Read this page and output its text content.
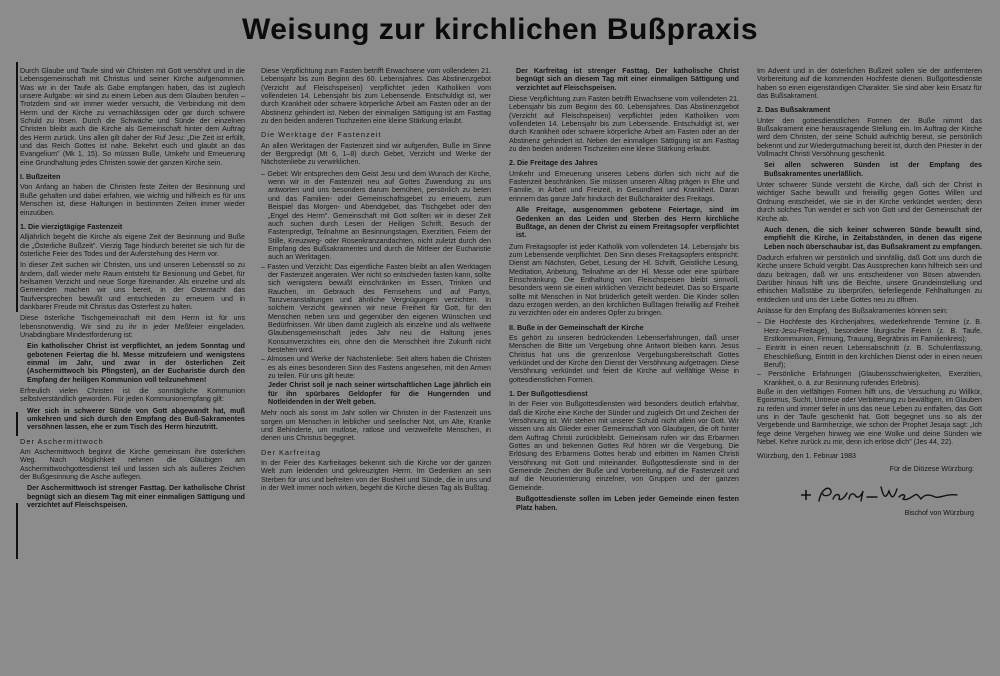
Weisung zur kirchlichen Bußpraxis

Durch Glaube und Taufe sind wir Christen mit Gott versöhnt und in die Lebensgemeinschaft mit Christus und seiner Kirche aufgenommen. Was wir in der Taufe als Gabe empfangen haben, das ist zugleich unsere Aufgabe: wir sind zu einem Leben aus dem Glauben berufen – Trotzdem sind wir immer wieder versucht, die Verbindung mit dem Herrn und der Kirche zu vernachlässigen oder gar durch schwere Schuld zu lösen. Durch die Schwäche und Sünde der einzelnen Christen bleibt auch die Kirche als Gemeinschaft hinter dem Auftrag des Herrn zurück. Uns allen gilt daher der Ruf Jesu: „Die Zeit ist erfüllt, und das Reich Gottes ist nahe. Bekehrt euch und glaubt an das Evangelium" (Mk 1, 15). So müssen Buße, Umkehr und Erneuerung eine Grundhaltung jedes Christen sowie der ganzen Kirche sein.

I. Bußzeiten

Von Anfang an haben die Christen feste Zeiten der Besinnung und Buße gehalten und dabei erfahren, wie wichtig und hilfreich es für uns Menschen ist, diese Haltungen in bestimmten Zeiten immer wieder einzuüben.

1. Die vierzigtägige Fastenzeit

Alljährlich begeht die Kirche als eigene Zeit der Besinnung und Buße die „Österliche Bußzeit". Vierzig Tage hindurch bereitet sie sich für die österliche Feier des Todes und der Auferstehung des Herrn vor.

In dieser Zeit suchen wir Christen, uns und unseren Lebensstil so zu ändern, daß wieder mehr Raum entsteht für Besinnung und Gebet, für heilsamen Verzicht und neue Sorge füreinander. Als einzelne und als Gemeinden machen wir uns bereit, in der Osternacht das Taufversprechen bewußt und entschieden zu erneuern und in dankbarer Freude mit Christus das Osterfest zu halten.

Diese österliche Tischgemeinschaft mit dem Herrn ist für uns lebensnotwendig. Wir sind zu ihr in jeder Meßfeier eingeladen. Unabdingbare Mindestforderung ist:

Ein katholischer Christ ist verpflichtet, an jedem Sonntag und gebotenen Feiertag die hl. Messe mitzufeiern und wenigstens einmal im Jahr, und zwar in der österlichen Zeit (Aschermittwoch bis Pfingsten), an der Eucharistie durch den Empfang der heiligen Kommunion voll teilzunehmen!

Erfreulich vielen Christen ist die sonntägliche Kommunion selbstverständlich geworden. Für jeden Kommunionempfang gilt:

Wer sich in schwerer Sünde von Gott abgewandt hat, muß umkehren und sich durch den Empfang des Buß-Sakramentes versöhnen lassen, ehe er zum Tisch des Herrn hinzutritt.

Der Aschermittwoch

Am Aschermittwoch beginnt die Kirche gemeinsam ihre österlichen Weg. Nach Möglichkeit nehmen die Gläubigen am Aschermittwochgottesdienst teil und lassen sich als äußeres Zeichen der Bußgesinnung die Asche auflegen.

Der Aschermittwoch ist strenger Fasttag. Der katholische Christ begnügt sich an diesem Tag mit einer einmaligen Sättigung und verzichtet auf Fleischspeisen.

Diese Verpflichtung zum Fasten betrifft Erwachsene vom vollendeten 21. Lebensjahr bis zum Beginn des 60. Lebensjahres. Das Abstinenzgebot (Verzicht auf Fleischspeisen) verpflichtet jeden Katholiken vom vollendeten 14. Lebensjahr bis zum Lebensende. Entschuldigt ist, wer durch Krankheit oder schwere körperliche Arbeit am Fasten oder an der Abstinenz gehindert ist. Neben der einmaligen Sättigung ist am Fasttag zu den beiden anderen Tischzeiten eine kleine Stärkung erlaubt.

Die Werktage der Fastenzeit

An allen Werktagen der Fastenzeit sind wir aufgerufen, Buße im Sinne der Bergpredigt (Mt 6, 1–8) durch Gebet, Verzicht und Werke der Nächstenliebe zu verwirklichen.

– Gebet: Wir entsprechen dem Geist Jesu und dem Wunsch der Kirche, wenn wir in der Fastenzeit neu auf Gottes Zuwendung zu uns antworten und uns besonders darum bemühen, persönlich zu beten und das Familien- oder Gemeinschaftsgebet zu erneuern, zum Beispiel das Morgen- und Abendgebet, das Tischgebet oder den „Engel des Herrn". Gemeinschaft mit Gott sollten wir in dieser Zeit auch suchen durch Lesen der Heiligen Schrift, Besuch der Fastenpredigt, Teilnahme an Besinnungstagen, Exerzitien, Feiern der Stille, Kreuzweg- oder Rosenkranzandachten, nicht zuletzt durch den Empfang des Bußsakramentes und durch die Mitfeier der Eucharistie auch an Werktagen.
– Fasten und Verzicht: Das eigentliche Fasten bleibt an allen Werktagen der Fastenzeit angeraten. Wer nicht so entschieden fasten kann, sollte sich wenigstens bewußt einschränken im Essen, Trinken und Rauchen, im Gebrauch des Fernsehens und auf Partys, Tanzveranstaltungen und ähnliche Vergnügungen verzichten. In solchem Verzicht gewinnen wir neue Freiheit für Gott, für den Menschen neben uns und gegenüber den eigenen Wünschen und Bedürfnissen. Wir üben damit zugleich als einzelne und als weltweite Glaubensgemeinschaft jedes Jahr neu die Haltung jenes Konsumverzichtes ein, ohne den die Menschheit ihre Zukunft nicht bestehen wird.
– Almosen und Werke der Nächstenliebe: Seit alters haben die Christen es als eines besonderen Sinn des Fastens angesehen, mit den Armen zu teilen. Für uns gilt heute:

Jeder Christ soll je nach seiner wirtschaftlichen Lage jährlich ein für ihn spürbares Geldopfer für die Hungernden und Notleidenden in der Welt geben.

Mehr noch als sonst im Jahr sollen wir Christen in der Fastenzeit uns sorgen um Menschen in leiblicher und seelischer Not, um Alte, Kranke und Behinderte, um mutlose, ratlose und verzweifelte Menschen, in denen uns Christus begegnet.

Der Karfreitag

In der Feier des Karfreitages bekennt sich die Kirche vor der ganzen Welt zum leidenden und gekreuzigten Herrn. Im Gedenken an sein Sterben für uns und befreiten von der Bosheit und Sünde, die in uns und in der Welt immer noch wirken, begeht die Kirche diesen Tag als Bußtag.

Der Karfreitag ist strenger Fasttag. Der katholische Christ begnügt sich an diesem Tag mit einer einmaligen Sättigung und verzichtet auf Fleischspeisen.

Diese Verpflichtung zum Fasten betrifft Erwachsene vom vollendeten 21. Lebensjahr bis zum Beginn des 60. Lebensjahres. Das Abstinenzgebot (Verzicht auf Fleischspeisen) verpflichtet jeden Katholiken vom vollendeten 14. Lebensjahr bis zum Lebensende. Entschuldigt ist, wer durch Krankheit oder schwere körperliche Arbeit am Fasten oder an der Abstinenz gehindert ist. Neben der einmaligen Sättigung ist am Fasttag zu den beiden anderen Tischzeiten eine kleine Stärkung erlaubt.

2. Die Freitage des Jahres

Umkehr und Erneuerung unseres Lebens dürfen sich nicht auf die Fastenzeit beschränken. Sie müssen unseren Alltag prägen in Ehe und Familie, in Arbeit und Freizeit, in Gesundheit und Krankheit. Daran erinnern das ganze Jahr hindurch der Bußcharakter des Freitags.

Alle Freitage, ausgenommen gebotene Feiertage, sind im Gedenken an das Leiden und Sterben des Herrn kirchliche Bußtage, an denen der Christ zu einem Freitagsopfer verpflichtet ist.

Zum Freitagsopfer ist jeder Katholik vom vollendeten 14. Lebensjahr bis zum Lebensende verpflichtet. Den Sinn dieses Freitagsopfers entspricht: Dienst am Nächsten, Gebet, Lesung der Hl. Schrift, Geistliche Lesung, Meditation, Anbetung, Teilnahme an der Hl. Messe oder eine spürbare Einschränkung. Die Enthaltung von Fleischspeisen bleibt sinnvoll, besonders wenn sie einen wirklichen Verzicht bedeutet. Das so Ersparte sollte mit Menschen in Not brüderlich geteilt werden. Die Kinder sollen dazu erzogen werden, an den kirchlichen Bußtagen freiwillig auf Freiheit zu verzichten oder ein anderes Opfer zu bringen.

II. Buße in der Gemeinschaft der Kirche

Es gehört zu unseren bedrückenden Lebenserfahrungen, daß unser Menschen die Bitte um Vergebung ohne Antwort bleiben kann. Jesus Christus hat uns die grenzenlose Vergebungsbereitschaft Gottes verkündet und der Kirche den Dienst der Versöhnung aufgetragen. Diese Versöhnung verkündet und feiert die Kirche auf vielfältige Weise in gottesdienstlichen Formen.

1. Der Bußgottesdienst

In der Feier von Bußgottesdiensten wird besonders deutlich erfahrbar, daß die Kirche eine Kirche der Sünder und zugleich Ort und Zeichen der Versöhnung ist. Wir stehen mit unserer Schuld nicht allein vor Gott. Wir wissen uns als Glieder einer Gemeinschaft von Glaubigen, die oft hinter dem Auftrag Christi zurückbleibt. Gemeinsam rufen wir das Erbarmen Gottes an und bekennen Gottes Ruf hören wir die Vergebung. Die Erlösung des Erbarmens Gottes herab und erbitten im Namen Christi Versöhnung mit Gott und miteinander. Bußgottesdienste sind in der Gemeinde Zeichen der Buße und Vorbereitung, auf die Fastenzeit und auf die Neuorientierung einzelner, von Gruppen und der ganzen Gemeinde.

Bußgottesdienste sollen im Leben jeder Gemeinde einen festen Platz haben.

Im Advent und in der österlichen Bußzeit sollen sie der antfernteren Vorbereitung auf die kommenden Hochfeste dienen. Bußgottesdienste haben so einen eigenständigen Charakter. Sie sind aber kein Ersatz für das Bußsakrament.

2. Das Bußsakrament

Unter den gottesdienstlichen Formen der Buße nimmt das Bußsakrament eine herausragende Stellung ein. Im Auftrag der Kirche wird dem Christen, der seine Schuld aufrichtig bereut, sie persönlich bekennt und zur Wiedergutmachung bereit ist, durch den Priester in der Vollmacht Christi Versöhnung geschenkt.

Sei allen schweren Sünden ist der Empfang des Bußsakramentes unerläßlich.

Unter schwerer Sünde versteht die Kirche, daß sich der Christ in wichtiger Sache bewußt und freiwillig gegen Gottes Willen und Ordnung entscheidet, wie sie in der Kirche verkündet werden; denn durch solches Tun wendet er sich von Gott und der Gemeinschaft der Kirche ab.

Auch denen, die sich keiner schweren Sünde bewußt sind, empfiehlt die Kirche, in Zeitabständen, in denen das eigene Leben noch überschaubar ist, das Bußsakrament zu empfangen.

Dadurch erfahren wir persönlich und sinnfällig, daß Gott uns durch die Kirche unsere Schuld vergibt. Das Aussprechen kann hilfreich sein und dazu beitragen, daß wir uns entscheidener von Bösen abwenden. Darüber hinaus hilft uns die Beichte, unsere Grundeinstellung und ethischen Maßstäbe zu überprüfen, tieferliegende Fehlhaltungen zu entdecken und uns der Liebe Gottes neu zu öffnen.

Anlässe für den Empfang des Bußsakramentes können sein:

– Die Hochfeste des Kirchenjahres, wiederkehrende Termine (z. B. Herz-Jesu-Freitage), besondere liturgische Feiern (z. B. Taufe, Erstkommunion, Firmung, Trauung, Begräbnis im Familienkreis);
– Eintritt in einen neuen Lebensabschnitt (z. B. Schulentlassung, Eheschließung, Eintritt in den kirchlichen Dienst oder in einen neuen Beruf);
– Persönliche Erfahrungen (Glaubensschwierigkeiten, Exerzitien, Krankheit, o. ä. zur Besinnung rufendes Erlebnis).

Buße in den vielfältigen Formen hilft uns, die Versuchung zu Willkür, Egoismus, Sucht, Untreue oder Verbitterung zu bewältigen, im Glauben zu reifen und immer tiefer in uns das neue Leben zu entfalten, das Gott uns in der Taufe geschenkt hat. Gott begegnet uns so als der Vergebende und Barmherzige, wie schon der Prophet Jesaja sagt: „Ich fege deine Vergehen hinweg wie eine Wolke und deine Sünden wie Nebel. Kehre zurück zu mir, denn ich erlöse dich" (Jes 44, 22).

Würzburg, den 1. Februar 1983

Für die Diözese Würzburg:
Bischof von Würzburg
